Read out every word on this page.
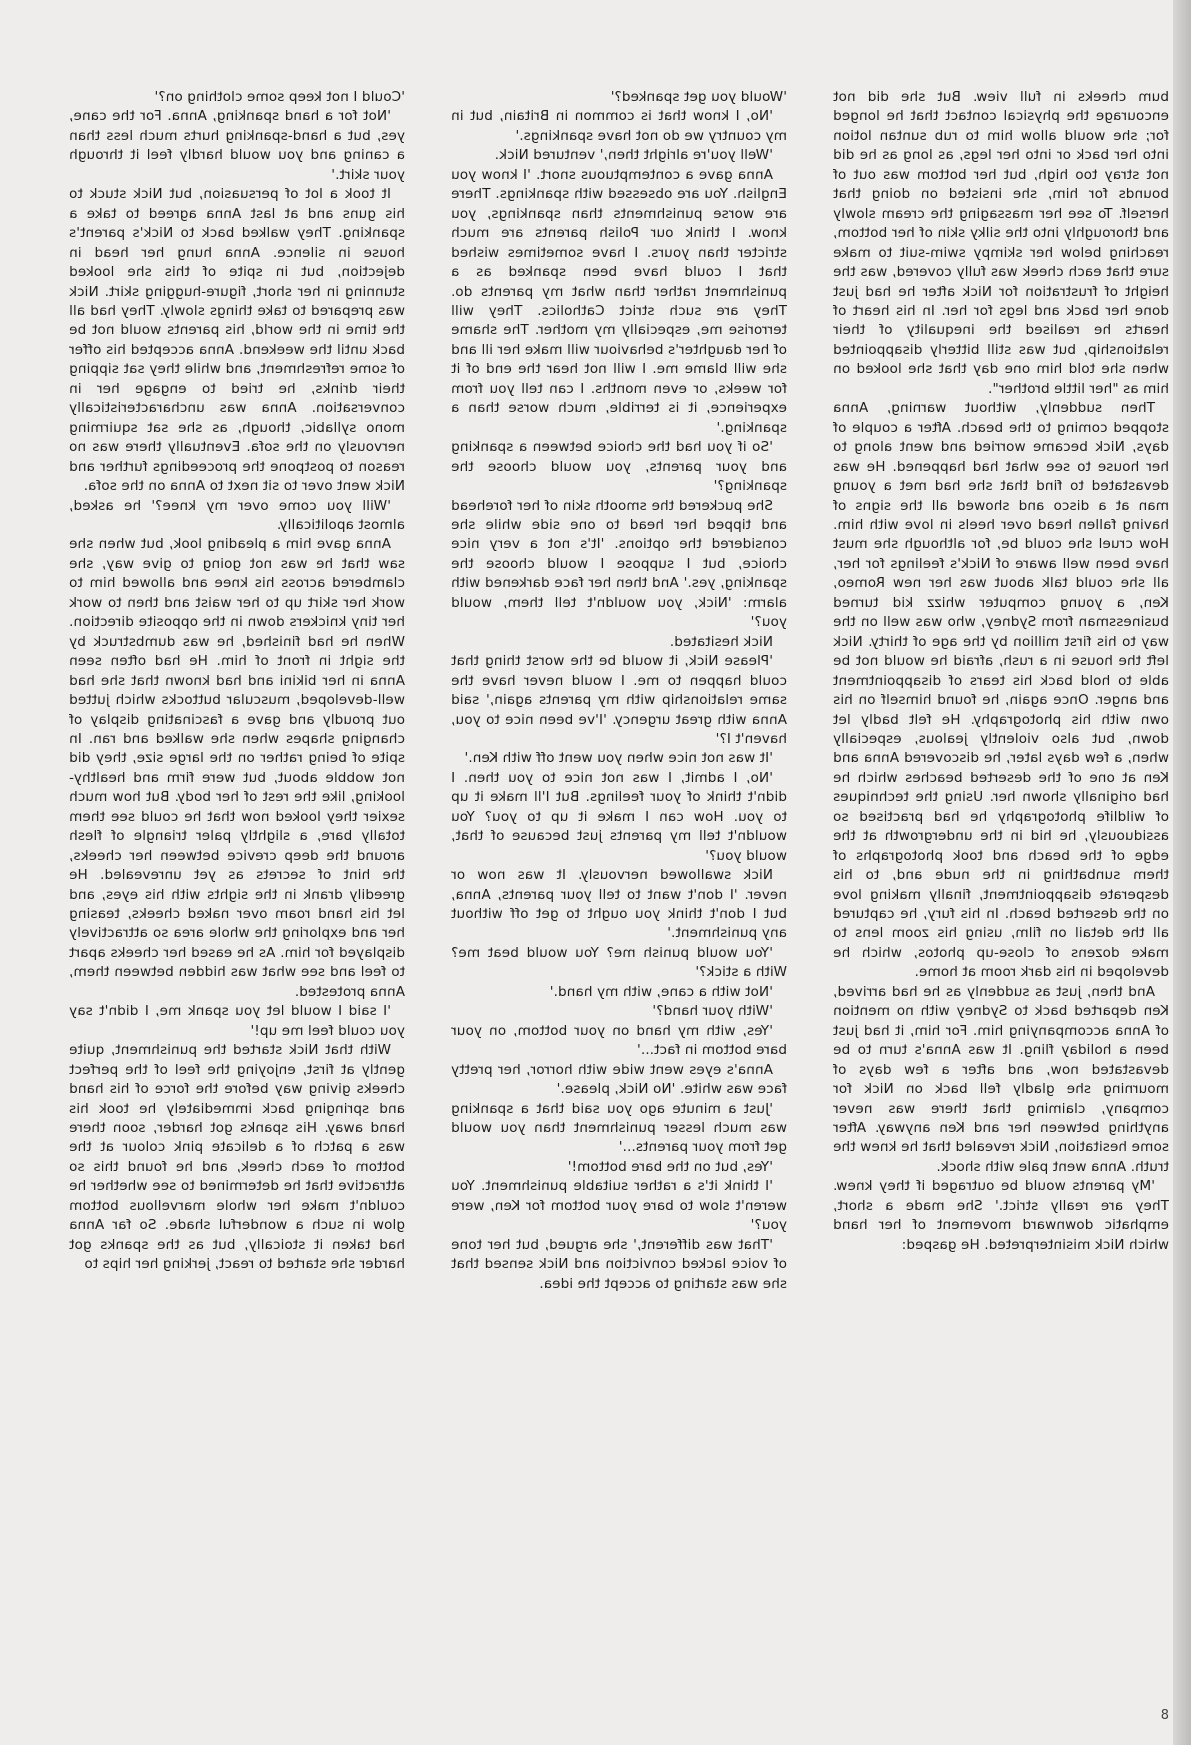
bum cheeks in full view. But she did not encourage the physical contact that he longed for; she would allow him to rub suntan lotion into her back or into her legs, as long as he did not stray too high, but her bottom was out of bounds for him, she insisted on doing that herself. To see her massaging the cream slowly and thoroughly into the silky skin of her bottom, reaching below her skimpy swim-suit to make sure that each cheek was fully covered, was the height of frustration for Nick after he had just done her back and legs for her. In his heart of hearts he realised the inequality of their relationship, but was still bitterly disappointed when she told him one day that she looked on him as "her little brother".

Then suddenly, without warning, Anna stopped coming to the beach. After a couple of days, Nick became worried and went along to her house to see what had happened. He was devastated to find that she had met a young man at a disco and showed all the signs of having fallen head over heels in love with him. How cruel she could be, for although she must have been well aware of Nick's feelings for her, all she could talk about was her new Romeo, Ken, a young computer whizz kid turned businessman from Sydney, who was well on the way to his first million by the age of thirty. Nick left the house in a rush, afraid he would not be able to hold back his tears of disappointment and anger. Once again, he found himself on his own with his photography. He felt badly let down, but also violently jealous, especially when, a few days later, he discovered Anna and Ken at one of the deserted beaches which he had originally shown her. Using the techniques of wildlife photography he had practised so assiduously, he hid in the undergrowth at the edge of the beach and took photographs of them sunbathing in the nude and, to his desperate disappointment, finally making love on the deserted beach. In his fury, he captured all the detail on film, using his zoom lens to make dozens of close-up photos, which he developed in his dark room at home.

And then, just as suddenly as he had arrived, Ken departed back to Sydney with no mention of Anna accompanying him. For him, it had just been a holiday fling. It was Anna's turn to be devastated now, and after a few days of mourning she gladly fell back on Nick for company, claiming that there was never anything between her and Ken anyway. After some hesitation, Nick revealed that he knew the truth. Anna went pale with shock.

'My parents would be outraged if they knew. They are really strict.' She made a short, emphatic downward movement of her hand which Nick misinterpreted. He gasped:

'Would you get spanked?'

'No, I know that is common in Britain, but in my country we do not have spankings.'

'Well you're alright then,' ventured Nick.

Anna gave a contemptuous snort. 'I know you English. You are obsessed with spankings. There are worse punishments than spankings, you know. I think our Polish parents are much stricter than yours. I have sometimes wished that I could have been spanked as a punishment rather than what my parents do. They are such strict Catholics. They will terrorise me, especially my mother. The shame of her daughter's behaviour will make her ill and she will blame me. I will not hear the end of it for weeks, or even months. I can tell you from experience, it is terrible, much worse than a spanking.'

'So if you had the choice between a spanking and your parents, you would choose the spanking?'

She puckered the smooth skin of her forehead and tipped her head to one side while she considered the options. 'It's not a very nice choice, but I suppose I would choose the spanking, yes.' And then her face darkened with alarm: 'Nick, you wouldn't tell them, would you?'

Nick hesitated.

'Please Nick, it would be the worst thing that could happen to me. I would never have the same relationship with my parents again,' said Anna with great urgency. 'I've been nice to you, haven't I?'

'It was not nice when you went off with Ken.'

'No, I admit, I was not nice to you then. I didn't think of your feelings. But I'll make it up to you. How can I make it up to you? You wouldn't tell my parents just because of that, would you?'

Nick swallowed nervously. It was now or never. 'I don't want to tell your parents, Anna, but I don't think you ought to get off without any punishment.'

'You would punish me? You would beat me? With a stick?'

'Not with a cane, with my hand.'

'With your hand?'

'Yes, with my hand on your bottom, on your bare bottom in fact...'

Anna's eyes went wide with horror, her pretty face was white. 'No Nick, please.'

'Just a minute ago you said that a spanking was much lesser punishment than you would get from your parents...'

'Yes, but on the bare bottom!'

'I think it's a rather suitable punishment. You weren't slow to bare your bottom for Ken, were you?'

'That was different,' she argued, but her tone of voice lacked conviction and Nick sensed that she was starting to accept the idea.

'Could I not keep some clothing on?'

'Not for a hand spanking, Anna. For the cane, yes, but a hand-spanking hurts much less than a caning and you would hardly feel it through your skirt.'

It took a lot of persuasion, but Nick stuck to his guns and at last Anna agreed to take a spanking. They walked back to Nick's parent's house in silence. Anna hung her head in dejection, but in spite of this she looked stunning in her short, figure-hugging skirt. Nick was prepared to take things slowly. They had all the time in the world, his parents would not be back until the weekend. Anna accepted his offer of some refreshment, and while they sat sipping their drinks, he tried to engage her in conversation. Anna was uncharacteristically mono syllabic, though, as she sat squirming nervously on the sofa. Eventually there was no reason to postpone the proceedings further and Nick went over to sit next to Anna on the sofa.

'Will you come over my knee?' he asked, almost apolitically.

Anna gave him a pleading look, but when she saw that he was not going to give way, she clambered across his knee and allowed him to work her skirt up to her waist and then to work her tiny knickers down in the opposite direction. When he had finished, he was dumbstruck by the sight in front of him. He had often seen Anna in her bikini and had known that she had well-developed, muscular buttocks which jutted out proudly and gave a fascinating display of changing shapes when she walked and ran. In spite of being rather on the large size, they did not wobble about, but were firm and healthy-looking, like the rest of her body. But how much sexier they looked now that he could see them totally bare, a slightly paler triangle of flesh around the deep crevice between her cheeks, the hint of secrets as yet unrevealed. He greedily drank in the sights with his eyes, and let his hand roam over naked cheeks, teasing her and exploring the whole area so attractively displayed for him. As he eased her cheeks apart to feel and see what was hidden between them, Anna protested.

'I said I would let you spank me, I didn't say you could feel me up!'

With that Nick started the punishment, quite gently at first, enjoying the feel of the perfect cheeks giving way before the force of his hand and springing back immediately he took his hand away. His spanks got harder, soon there was a patch of a delicate pink colour at the bottom of each cheek, and he found this so attractive that he determined to see whether he couldn't make her whole marvellous bottom glow in such a wonderful shade. So far Anna had taken it stoically, but as the spanks got harder she started to react, jerking her hips to

8
mirrored
